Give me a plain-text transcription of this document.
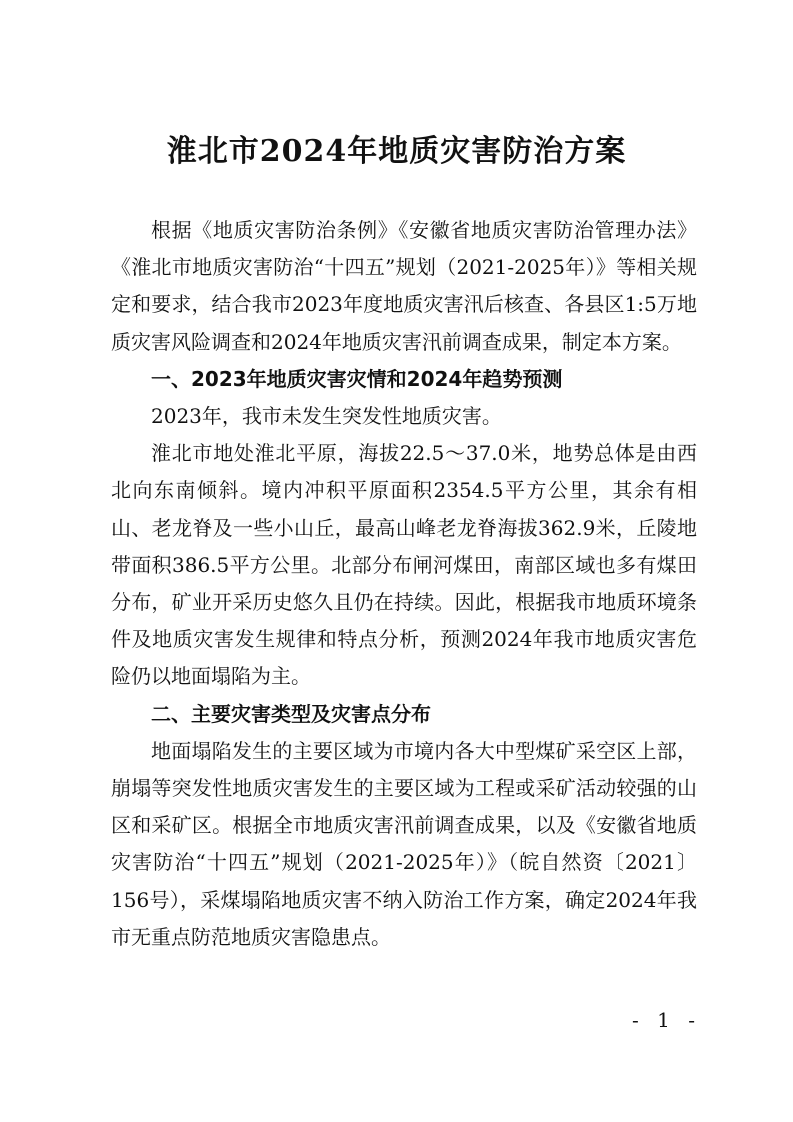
淮北市2024年地质灾害防治方案

根据《地质灾害防治条例》《安徽省地质灾害防治管理办法》《淮北市地质灾害防治“十四五”规划（2021-2025年）》等相关规定和要求，结合我市2023年度地质灾害汛后核查、各县区1:5万地质灾害风险调查和2024年地质灾害汛前调查成果，制定本方案。

一、2023年地质灾害灾情和2024年趋势预测

2023年，我市未发生突发性地质灾害。

淮北市地处淮北平原，海拔22.5～37.0米，地势总体是由西北向东南倾斜。境内冲积平原面积2354.5平方公里，其余有相山、老龙脊及一些小山丘，最高山峰老龙脊海拔362.9米，丘陵地带面积386.5平方公里。北部分布闸河煤田，南部区域也多有煤田分布，矿业开采历史悠久且仍在持续。因此，根据我市地质环境条件及地质灾害发生规律和特点分析，预测2024年我市地质灾害危险仍以地面塌陷为主。

二、主要灾害类型及灾害点分布

地面塌陷发生的主要区域为市境内各大中型煤矿采空区上部，崩塌等突发性地质灾害发生的主要区域为工程或采矿活动较强的山区和采矿区。根据全市地质灾害汛前调查成果，以及《安徽省地质灾害防治“十四五”规划（2021-2025年）》（皖自然资〔2021〕156号），采煤塌陷地质灾害不纳入防治工作方案，确定2024年我市无重点防范地质灾害隐患点。

- 1 -
